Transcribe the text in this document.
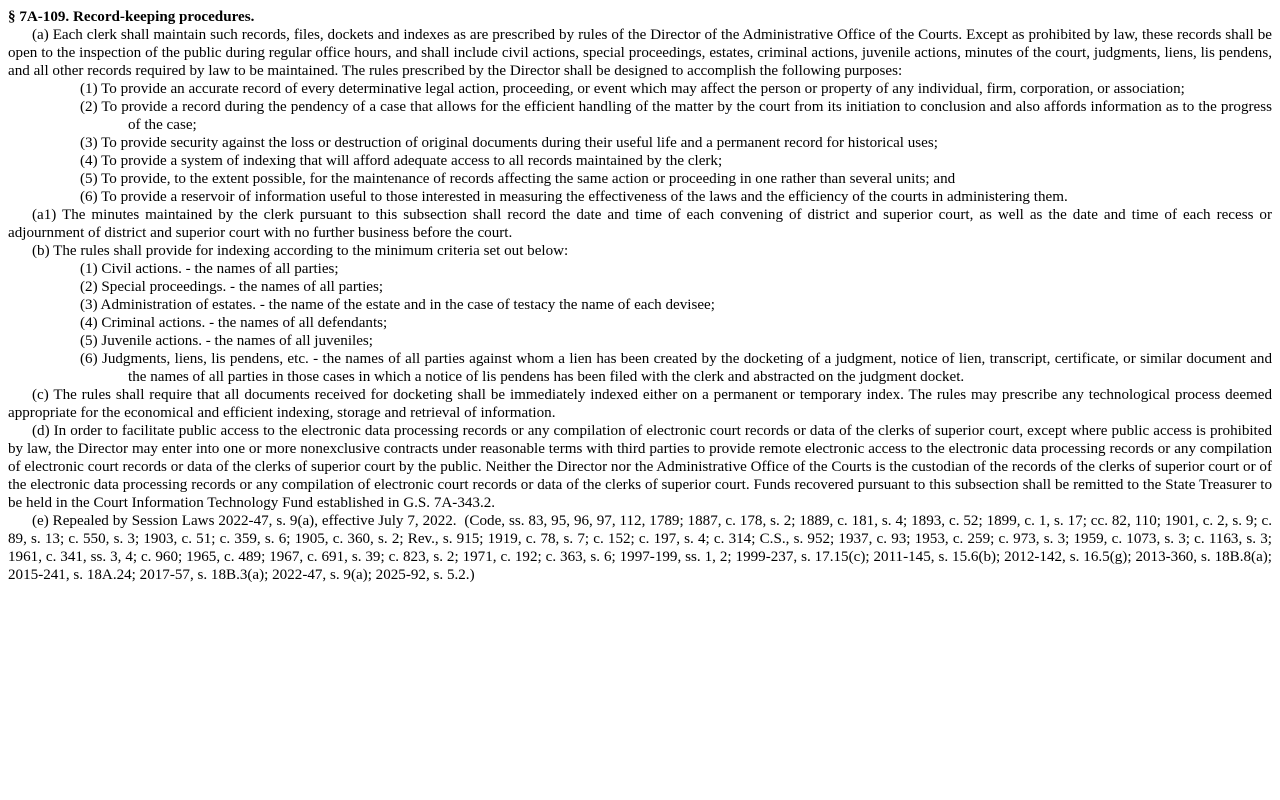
§ 7A-109. Record-keeping procedures.

(a) Each clerk shall maintain such records, files, dockets and indexes as are prescribed by rules of the Director of the Administrative Office of the Courts. Except as prohibited by law, these records shall be open to the inspection of the public during regular office hours, and shall include civil actions, special proceedings, estates, criminal actions, juvenile actions, minutes of the court, judgments, liens, lis pendens, and all other records required by law to be maintained. The rules prescribed by the Director shall be designed to accomplish the following purposes:

(1) To provide an accurate record of every determinative legal action, proceeding, or event which may affect the person or property of any individual, firm, corporation, or association;

(2) To provide a record during the pendency of a case that allows for the efficient handling of the matter by the court from its initiation to conclusion and also affords information as to the progress of the case;

(3) To provide security against the loss or destruction of original documents during their useful life and a permanent record for historical uses;

(4) To provide a system of indexing that will afford adequate access to all records maintained by the clerk;

(5) To provide, to the extent possible, for the maintenance of records affecting the same action or proceeding in one rather than several units; and

(6) To provide a reservoir of information useful to those interested in measuring the effectiveness of the laws and the efficiency of the courts in administering them.

(a1) The minutes maintained by the clerk pursuant to this subsection shall record the date and time of each convening of district and superior court, as well as the date and time of each recess or adjournment of district and superior court with no further business before the court.

(b) The rules shall provide for indexing according to the minimum criteria set out below:

(1) Civil actions. - the names of all parties;

(2) Special proceedings. - the names of all parties;

(3) Administration of estates. - the name of the estate and in the case of testacy the name of each devisee;

(4) Criminal actions. - the names of all defendants;

(5) Juvenile actions. - the names of all juveniles;

(6) Judgments, liens, lis pendens, etc. - the names of all parties against whom a lien has been created by the docketing of a judgment, notice of lien, transcript, certificate, or similar document and the names of all parties in those cases in which a notice of lis pendens has been filed with the clerk and abstracted on the judgment docket.

(c) The rules shall require that all documents received for docketing shall be immediately indexed either on a permanent or temporary index. The rules may prescribe any technological process deemed appropriate for the economical and efficient indexing, storage and retrieval of information.

(d) In order to facilitate public access to the electronic data processing records or any compilation of electronic court records or data of the clerks of superior court, except where public access is prohibited by law, the Director may enter into one or more nonexclusive contracts under reasonable terms with third parties to provide remote electronic access to the electronic data processing records or any compilation of electronic court records or data of the clerks of superior court by the public. Neither the Director nor the Administrative Office of the Courts is the custodian of the records of the clerks of superior court or of the electronic data processing records or any compilation of electronic court records or data of the clerks of superior court. Funds recovered pursuant to this subsection shall be remitted to the State Treasurer to be held in the Court Information Technology Fund established in G.S. 7A-343.2.

(e) Repealed by Session Laws 2022-47, s. 9(a), effective July 7, 2022. (Code, ss. 83, 95, 96, 97, 112, 1789; 1887, c. 178, s. 2; 1889, c. 181, s. 4; 1893, c. 52; 1899, c. 1, s. 17; cc. 82, 110; 1901, c. 2, s. 9; c. 89, s. 13; c. 550, s. 3; 1903, c. 51; c. 359, s. 6; 1905, c. 360, s. 2; Rev., s. 915; 1919, c. 78, s. 7; c. 152; c. 197, s. 4; c. 314; C.S., s. 952; 1937, c. 93; 1953, c. 259; c. 973, s. 3; 1959, c. 1073, s. 3; c. 1163, s. 3; 1961, c. 341, ss. 3, 4; c. 960; 1965, c. 489; 1967, c. 691, s. 39; c. 823, s. 2; 1971, c. 192; c. 363, s. 6; 1997-199, ss. 1, 2; 1999-237, s. 17.15(c); 2011-145, s. 15.6(b); 2012-142, s. 16.5(g); 2013-360, s. 18B.8(a); 2015-241, s. 18A.24; 2017-57, s. 18B.3(a); 2022-47, s. 9(a); 2025-92, s. 5.2.)
